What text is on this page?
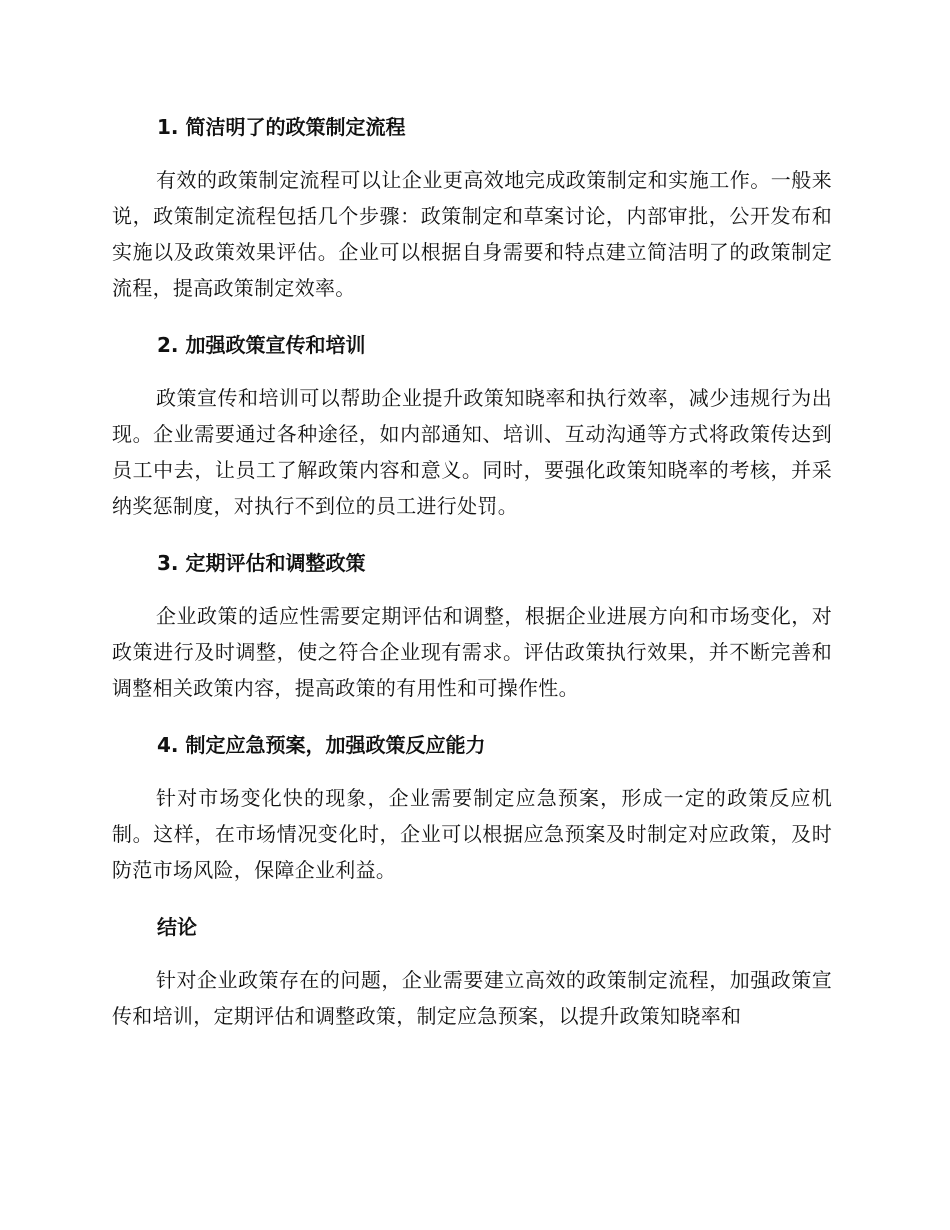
1. 简洁明了的政策制定流程

有效的政策制定流程可以让企业更高效地完成政策制定和实施工作。一般来说，政策制定流程包括几个步骤：政策制定和草案讨论，内部审批，公开发布和实施以及政策效果评估。企业可以根据自身需要和特点建立简洁明了的政策制定流程，提高政策制定效率。

2. 加强政策宣传和培训

政策宣传和培训可以帮助企业提升政策知晓率和执行效率，减少违规行为出现。企业需要通过各种途径，如内部通知、培训、互动沟通等方式将政策传达到员工中去，让员工了解政策内容和意义。同时，要强化政策知晓率的考核，并采纳奖惩制度，对执行不到位的员工进行处罚。

3. 定期评估和调整政策

企业政策的适应性需要定期评估和调整，根据企业进展方向和市场变化，对政策进行及时调整，使之符合企业现有需求。评估政策执行效果，并不断完善和调整相关政策内容，提高政策的有用性和可操作性。

4. 制定应急预案，加强政策反应能力

针对市场变化快的现象，企业需要制定应急预案，形成一定的政策反应机制。这样，在市场情况变化时，企业可以根据应急预案及时制定对应政策，及时防范市场风险，保障企业利益。

结论

针对企业政策存在的问题，企业需要建立高效的政策制定流程，加强政策宣传和培训，定期评估和调整政策，制定应急预案，以提升政策知晓率和
